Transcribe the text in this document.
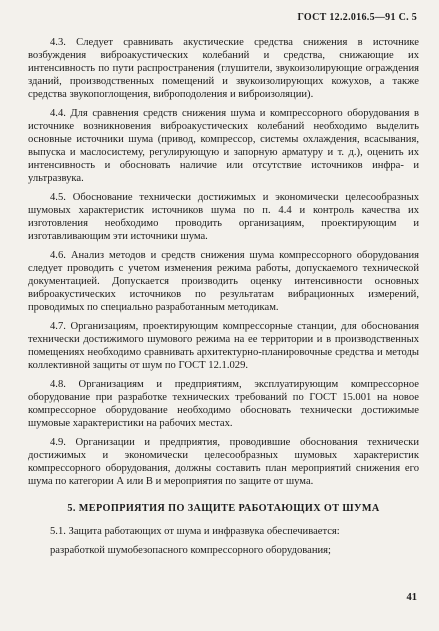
ГОСТ 12.2.016.5—91 С. 5

4.3. Следует сравнивать акустические средства снижения в источнике возбуждения виброакустических колебаний и средства, снижающие их интенсивность по пути распространения (глушители, звукоизолирующие ограждения зданий, производственных помещений и звукоизолирующих кожухов, а также средства звукопоглощения, виброподоления и виброизоляции).

4.4. Для сравнения средств снижения шума и компрессорного оборудования в источнике возникновения виброакустических колебаний необходимо выделить основные источники шума (привод, компрессор, системы охлаждения, всасывания, выпуска и маслосистему, регулирующую и запорную арматуру и т. д.), оценить их интенсивность и обосновать наличие или отсутствие источников инфра- и ультразвука.

4.5. Обоснование технически достижимых и экономически целесообразных шумовых характеристик источников шума по п. 4.4 и контроль качества их изготовления необходимо проводить организациям, проектирующим и изготавливающим эти источники шума.

4.6. Анализ методов и средств снижения шума компрессорного оборудования следует проводить с учетом изменения режима работы, допускаемого технической документацией. Допускается производить оценку интенсивности основных виброакустических источников по результатам вибрационных измерений, проводимых по специально разработанным методикам.

4.7. Организациям, проектирующим компрессорные станции, для обоснования технически достижимого шумового режима на ее территории и в производственных помещениях необходимо сравнивать архитектурно-планировочные средства и методы коллективной защиты от шум по ГОСТ 12.1.029.

4.8. Организациям и предприятиям, эксплуатирующим компрессорное оборудование при разработке технических требований по ГОСТ 15.001 на новое компрессорное оборудование необходимо обосновать технически достижимые шумовые характеристики на рабочих местах.

4.9. Организации и предприятия, проводившие обоснования технически достижимых и экономически целесообразных шумовых характеристик компрессорного оборудования, должны составить план мероприятий снижения его шума по категории А или В и мероприятия по защите от шума.

5. МЕРОПРИЯТИЯ ПО ЗАЩИТЕ РАБОТАЮЩИХ ОТ ШУМА

5.1. Защита работающих от шума и инфразвука обеспечивается:

разработкой шумобезопасного компрессорного оборудования;

41
